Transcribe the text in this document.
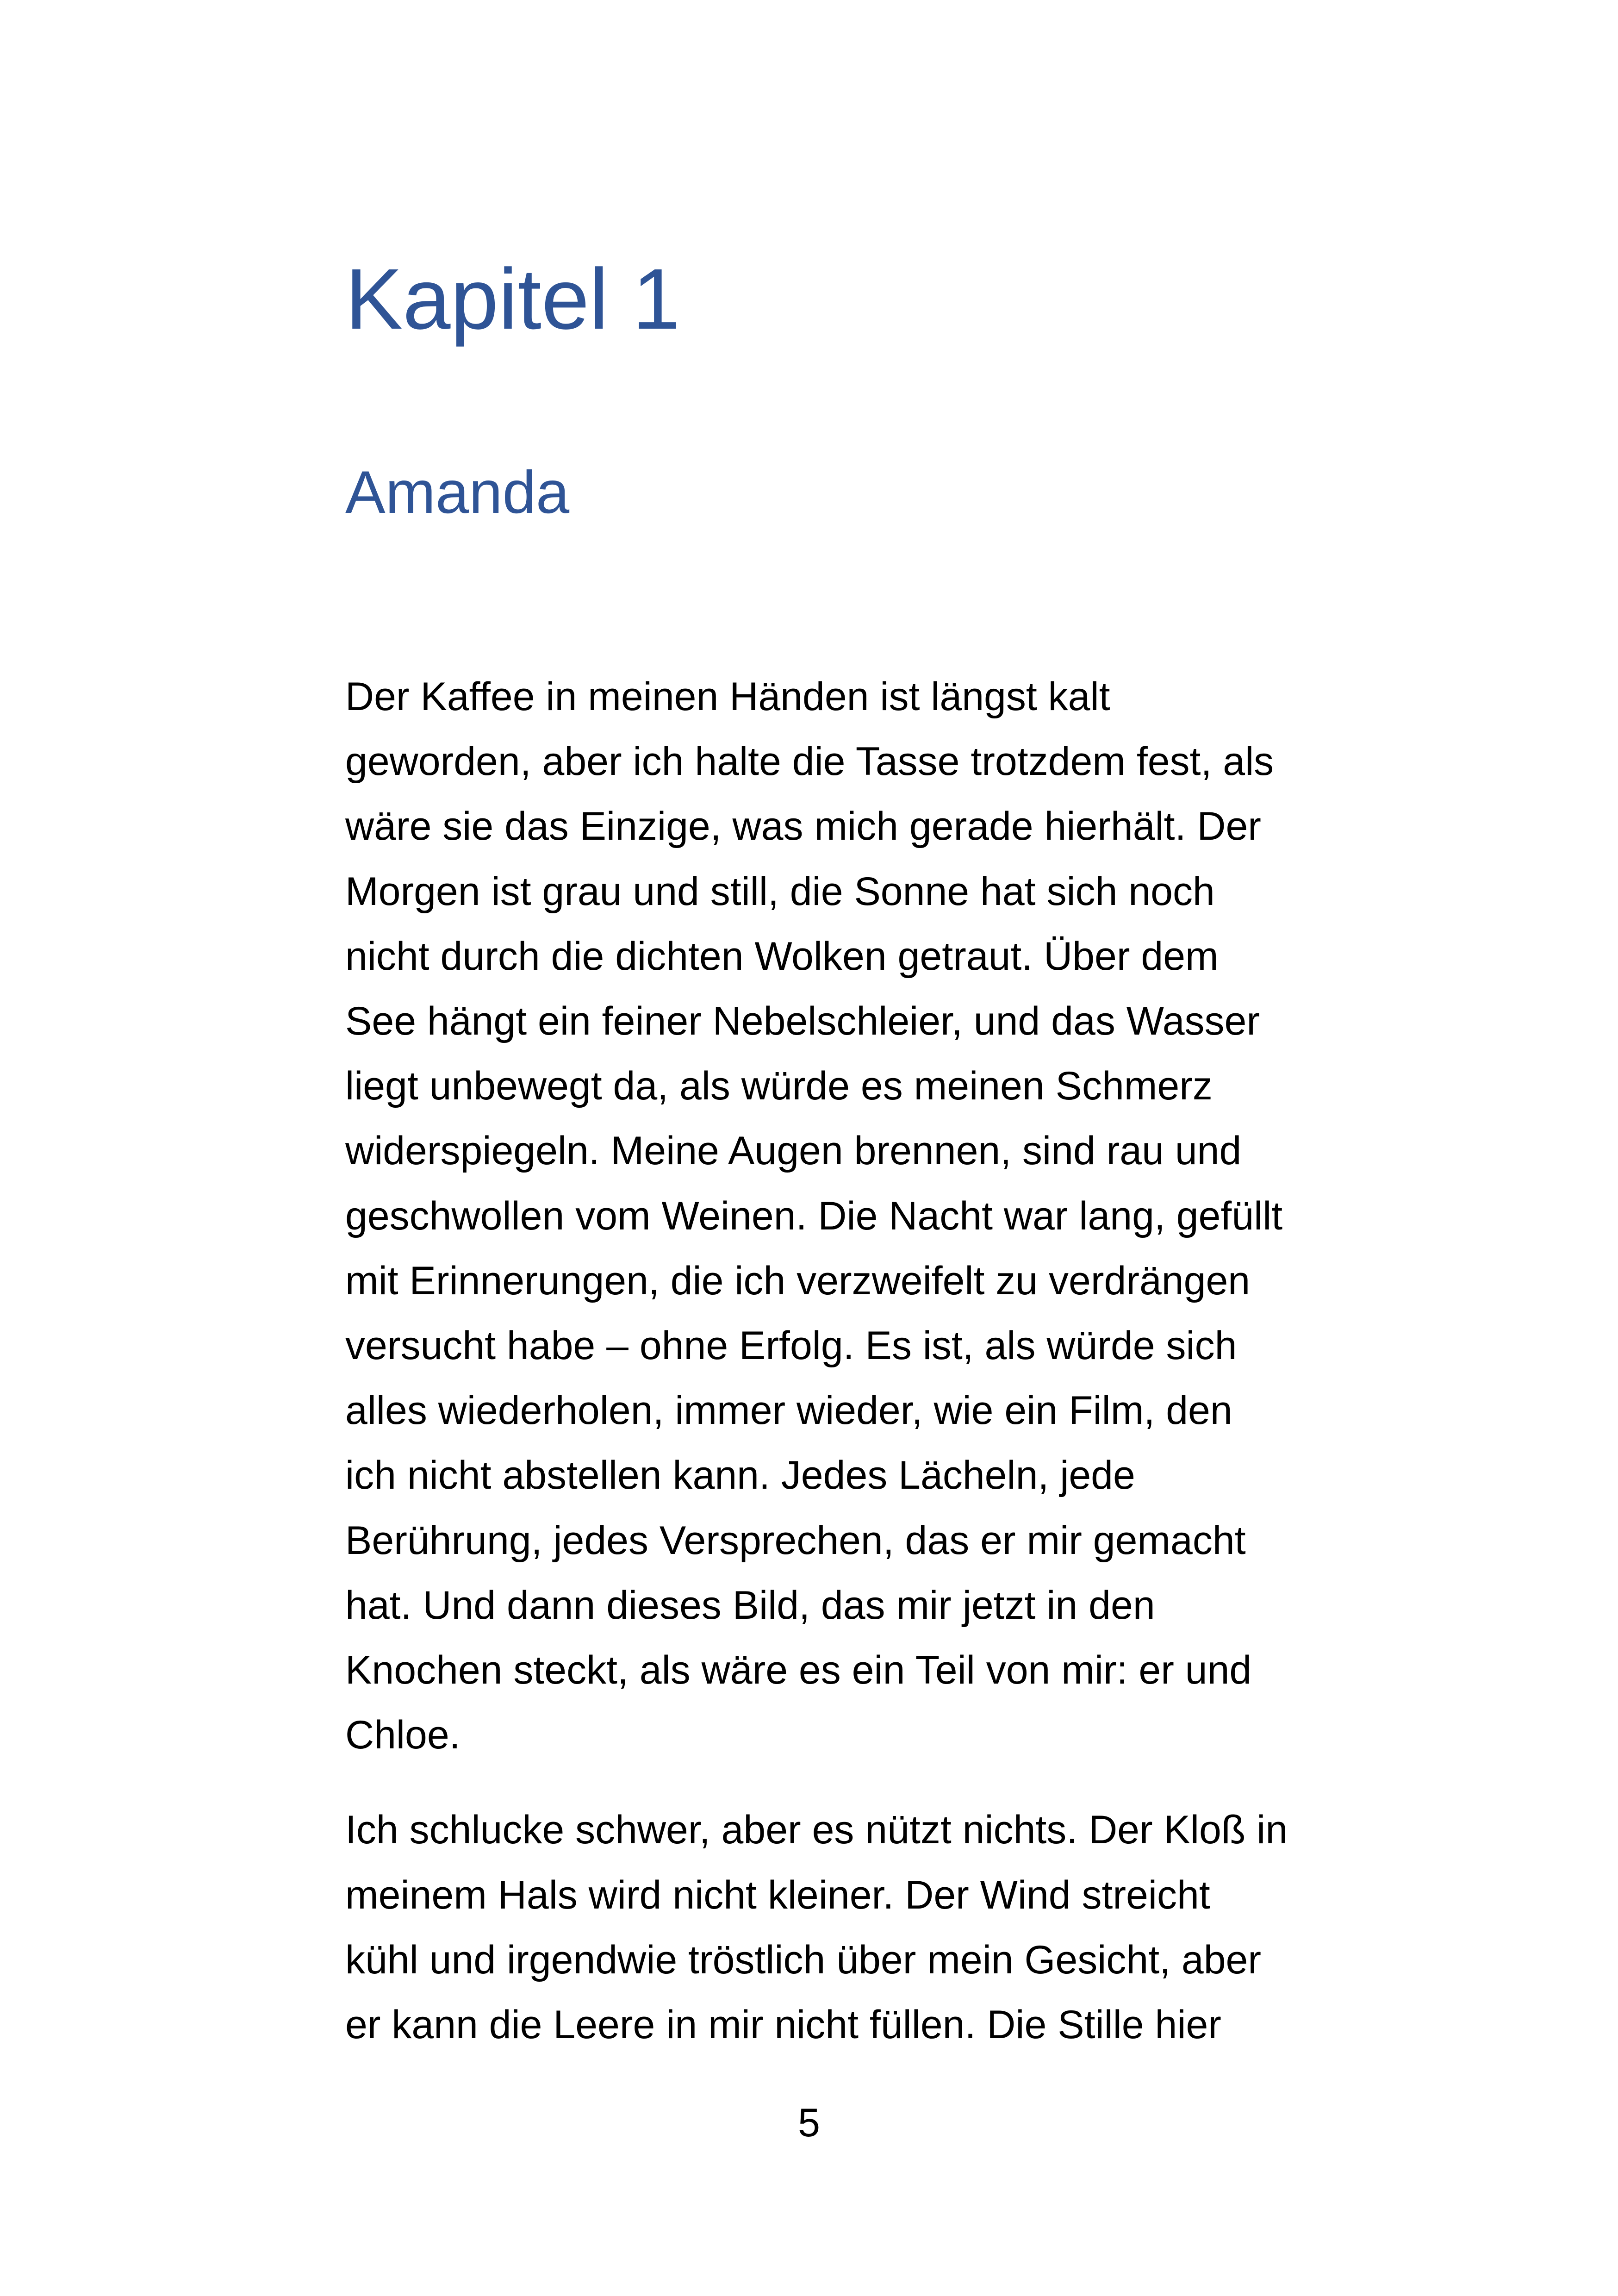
Kapitel 1
Amanda

Der Kaffee in meinen Händen ist längst kalt
geworden, aber ich halte die Tasse trotzdem fest, als
wäre sie das Einzige, was mich gerade hierhält. Der
Morgen ist grau und still, die Sonne hat sich noch
nicht durch die dichten Wolken getraut. Über dem
See hängt ein feiner Nebelschleier, und das Wasser
liegt unbewegt da, als würde es meinen Schmerz
widerspiegeln. Meine Augen brennen, sind rau und
geschwollen vom Weinen. Die Nacht war lang, gefüllt
mit Erinnerungen, die ich verzweifelt zu verdrängen
versucht habe – ohne Erfolg. Es ist, als würde sich
alles wiederholen, immer wieder, wie ein Film, den
ich nicht abstellen kann. Jedes Lächeln, jede
Berührung, jedes Versprechen, das er mir gemacht
hat. Und dann dieses Bild, das mir jetzt in den
Knochen steckt, als wäre es ein Teil von mir: er und
Chloe.

Ich schlucke schwer, aber es nützt nichts. Der Kloß in
meinem Hals wird nicht kleiner. Der Wind streicht
kühl und irgendwie tröstlich über mein Gesicht, aber
er kann die Leere in mir nicht füllen. Die Stille hier

5
